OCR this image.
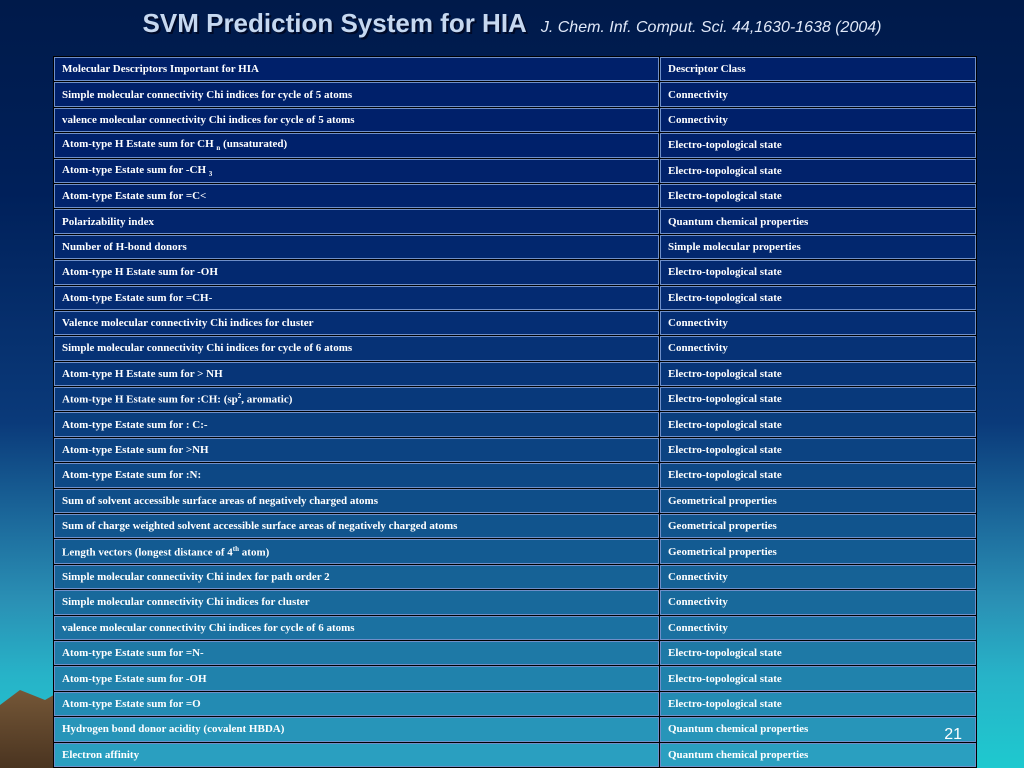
SVM Prediction System for HIA J. Chem. Inf. Comput. Sci. 44,1630-1638 (2004)
Molecular Descriptors Important for HIA	Descriptor Class
Simple molecular connectivity Chi indices for cycle of 5 atoms	Connectivity
valence molecular connectivity Chi indices for cycle of 5 atoms	Connectivity
Atom-type H Estate sum for CH $_n$ (unsaturated)	Electro-topological state
Atom-type Estate sum for -CH $_3$	Electro-topological state
Atom-type Estate sum for =C<	Electro-topological state
Polarizability index	Quantum chemical properties
Number of H-bond donors	Simple molecular properties
Atom-type H Estate sum for -OH	Electro-topological state
Atom-type Estate sum for =CH-	Electro-topological state
Valence molecular connectivity Chi indices for cluster	Connectivity
Simple molecular connectivity Chi indices for cycle of 6 atoms	Connectivity
Atom-type H Estate sum for > NH	Electro-topological state
Atom-type H Estate sum for :CH: ($sp^2$, aromatic)	Electro-topological state
Atom-type Estate sum for : C:-	Electro-topological state
Atom-type Estate sum for >NH	Electro-topological state
Atom-type Estate sum for :N:	Electro-topological state
Sum of solvent accessible surface areas of negatively charged atoms	Geometrical properties
Sum of charge weighted solvent accessible surface areas of negatively charged atoms	Geometrical properties
Length vectors (longest distance of 4th atom)	Geometrical properties
Simple molecular connectivity Chi index for path order 2	Connectivity
Simple molecular connectivity Chi indices for cluster	Connectivity
valence molecular connectivity Chi indices for cycle of 6 atoms	Connectivity
Atom-type Estate sum for =N-	Electro-topological state
Atom-type Estate sum for -OH	Electro-topological state
Atom-type Estate sum for =O	Electro-topological state
Hydrogen bond donor acidity (covalent HBDA)	Quantum chemical properties
Electron affinity	Quantum chemical properties
21
